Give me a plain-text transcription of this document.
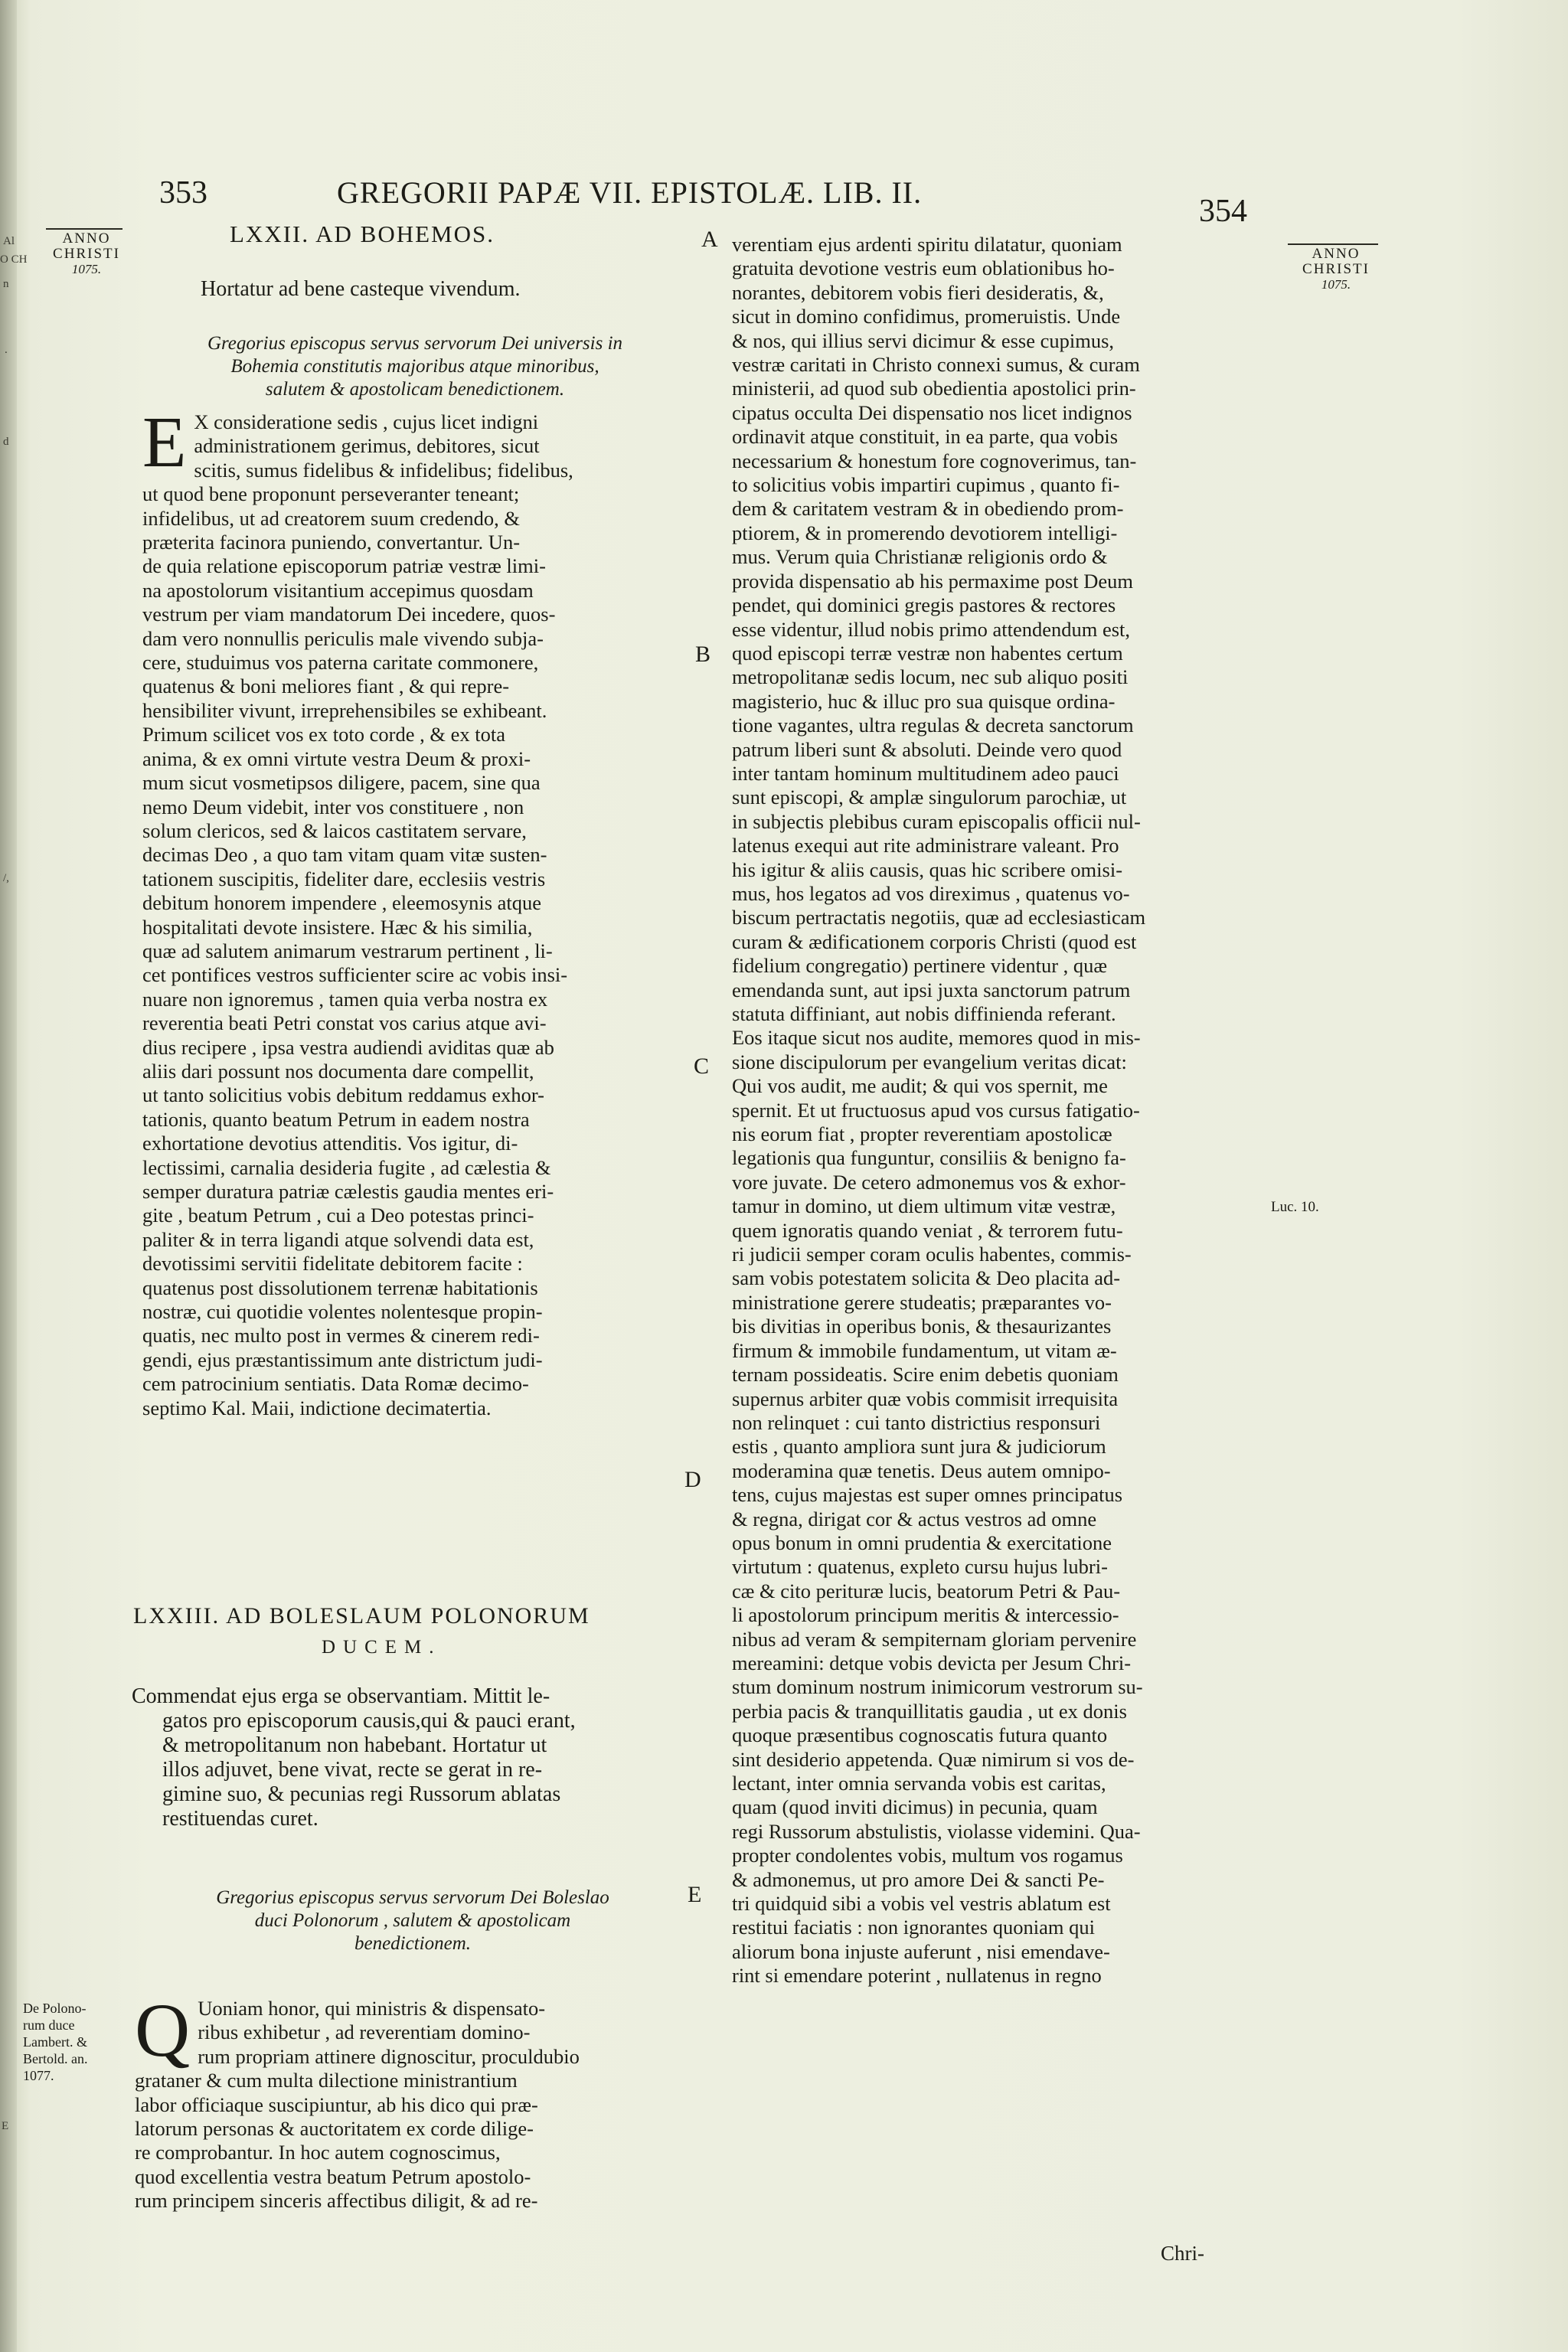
Al
O CH
n
.
d
/,
E
353	GREGORII PAPÆ VII. EPISTOLÆ. LIB. II.
354
ANNO
CHRISTI
1075.
ANNO
CHRISTI
1075.
A
B
C
D
E
LXXII. AD BOHEMOS.
Hortatur ad bene casteque vivendum.
Gregorius episcopus servus servorum Dei universis in
Bohemia constitutis majoribus atque minoribus,
salutem & apostolicam benedictionem.
E X consideratione sedis , cujus licet indigni
administrationem gerimus, debitores, sicut
scitis, sumus fidelibus & infidelibus; fidelibus,
ut quod bene proponunt perseveranter teneant;
infidelibus, ut ad creatorem suum credendo, &
præterita facinora puniendo, convertantur. Un-
de quia relatione episcoporum patriæ vestræ limi-
na apostolorum visitantium accepimus quosdam
vestrum per viam mandatorum Dei incedere, quos-
dam vero nonnullis periculis male vivendo subja-
cere, studuimus vos paterna caritate commonere,
quatenus & boni meliores fiant , & qui repre-
hensibiliter vivunt, irreprehensibiles se exhibeant.
Primum scilicet vos ex toto corde , & ex tota
anima, & ex omni virtute vestra Deum & proxi-
mum sicut vosmetipsos diligere, pacem, sine qua
nemo Deum videbit, inter vos constituere , non
solum clericos, sed & laicos castitatem servare,
decimas Deo , a quo tam vitam quam vitæ susten-
tationem suscipitis, fideliter dare, ecclesiis vestris
debitum honorem impendere , eleemosynis atque
hospitalitati devote insistere. Hæc & his similia,
quæ ad salutem animarum vestrarum pertinent , li-
cet pontifices vestros sufficienter scire ac vobis insi-
nuare non ignoremus , tamen quia verba nostra ex
reverentia beati Petri constat vos carius atque avi-
dius recipere , ipsa vestra audiendi aviditas quæ ab
aliis dari possunt nos documenta dare compellit,
ut tanto solicitius vobis debitum reddamus exhor-
tationis, quanto beatum Petrum in eadem nostra
exhortatione devotius attenditis. Vos igitur, di-
lectissimi, carnalia desideria fugite , ad cælestia &
semper duratura patriæ cælestis gaudia mentes eri-
gite , beatum Petrum , cui a Deo potestas princi-
paliter & in terra ligandi atque solvendi data est,
devotissimi servitii fidelitate debitorem facite :
quatenus post dissolutionem terrenæ habitationis
nostræ, cui quotidie volentes nolentesque propin-
quatis, nec multo post in vermes & cinerem redi-
gendi, ejus præstantissimum ante districtum judi-
cem patrocinium sentiatis. Data Romæ decimo-
septimo Kal. Maii, indictione decimatertia.

LXXIII. AD BOLESLAUM POLONORUM
DUCEM.
Commendat ejus erga se observantiam. Mittit le-
gatos pro episcoporum causis,qui & pauci erant,
& metropolitanum non habebant. Hortatur ut
illos adjuvet, bene vivat, recte se gerat in re-
gimine suo, & pecunias regi Russorum ablatas
restituendas curet.
Gregorius episcopus servus servorum Dei Boleslao
duci Polonorum , salutem & apostolicam
benedictionem.
De Polono-
rum duce
Lambert. &
Bertold. an.
1077.
Q Uoniam honor, qui ministris & dispensato-
ribus exhibetur , ad reverentiam domino-
rum propriam attinere dignoscitur, proculdubio
grataner & cum multa dilectione ministrantium
labor officiaque suscipiuntur, ab his dico qui præ-
latorum personas & auctoritatem ex corde dilige-
re comprobantur. In hoc autem cognoscimus,
quod excellentia vestra beatum Petrum apostolo-
rum principem sinceris affectibus diligit, & ad re-

verentiam ejus ardenti spiritu dilatatur, quoniam
gratuita devotione vestris eum oblationibus ho-
norantes, debitorem vobis fieri desideratis, &,
sicut in domino confidimus, promeruistis. Unde
& nos, qui illius servi dicimur & esse cupimus,
vestræ caritati in Christo connexi sumus, & curam
ministerii, ad quod sub obedientia apostolici prin-
cipatus occulta Dei dispensatio nos licet indignos
ordinavit atque constituit, in ea parte, qua vobis
necessarium & honestum fore cognoverimus, tan-
to solicitius vobis impartiri cupimus , quanto fi-
dem & caritatem vestram & in obediendo prom-
ptiorem, & in promerendo devotiorem intelligi-
mus. Verum quia Christianæ religionis ordo &
provida dispensatio ab his permaxime post Deum
pendet, qui dominici gregis pastores & rectores
esse videntur, illud nobis primo attendendum est,
quod episcopi terræ vestræ non habentes certum
metropolitanæ sedis locum, nec sub aliquo positi
magisterio, huc & illuc pro sua quisque ordina-
tione vagantes, ultra regulas & decreta sanctorum
patrum liberi sunt & absoluti. Deinde vero quod
inter tantam hominum multitudinem adeo pauci
sunt episcopi, & amplæ singulorum parochiæ, ut
in subjectis plebibus curam episcopalis officii nul-
latenus exequi aut rite administrare valeant. Pro
his igitur & aliis causis, quas hic scribere omisi-
mus, hos legatos ad vos direximus , quatenus vo-
biscum pertractatis negotiis, quæ ad ecclesiasticam
curam & ædificationem corporis Christi (quod est
fidelium congregatio) pertinere videntur , quæ
emendanda sunt, aut ipsi juxta sanctorum patrum
statuta diffiniant, aut nobis diffinienda referant.
Eos itaque sicut nos audite, memores quod in mis-
sione discipulorum per evangelium veritas dicat:
Qui vos audit, me audit; & qui vos spernit, me
spernit. Et ut fructuosus apud vos cursus fatigatio-
nis eorum fiat , propter reverentiam apostolicæ
legationis qua funguntur, consiliis & benigno fa-
vore juvate. De cetero admonemus vos & exhor-
tamur in domino, ut diem ultimum vitæ vestræ,
quem ignoratis quando veniat , & terrorem futu-
ri judicii semper coram oculis habentes, commis-
sam vobis potestatem solicita & Deo placita ad-
ministratione gerere studeatis; præparantes vo-
bis divitias in operibus bonis, & thesaurizantes
firmum & immobile fundamentum, ut vitam æ-
ternam possideatis. Scire enim debetis quoniam
supernus arbiter quæ vobis commisit irrequisita
non relinquet : cui tanto districtius responsuri
estis , quanto ampliora sunt jura & judiciorum
moderamina quæ tenetis. Deus autem omnipo-
tens, cujus majestas est super omnes principatus
& regna, dirigat cor & actus vestros ad omne
opus bonum in omni prudentia & exercitatione
virtutum : quatenus, expleto cursu hujus lubri-
cæ & cito perituræ lucis, beatorum Petri & Pau-
li apostolorum principum meritis & intercessio-
nibus ad veram & sempiternam gloriam pervenire
mereamini: detque vobis devicta per Jesum Chri-
stum dominum nostrum inimicorum vestrorum su-
perbia pacis & tranquillitatis gaudia , ut ex donis
quoque præsentibus cognoscatis futura quanto
sint desiderio appetenda. Quæ nimirum si vos de-
lectant, inter omnia servanda vobis est caritas,
quam (quod inviti dicimus) in pecunia, quam
regi Russorum abstulistis, violasse videmini. Qua-
propter condolentes vobis, multum vos rogamus
& admonemus, ut pro amore Dei & sancti Pe-
tri quidquid sibi a vobis vel vestris ablatum est
restitui faciatis : non ignorantes quoniam qui
aliorum bona injuste auferunt , nisi emendave-
rint si emendare poterint , nullatenus in regno

Luc. 10.
Chri-
